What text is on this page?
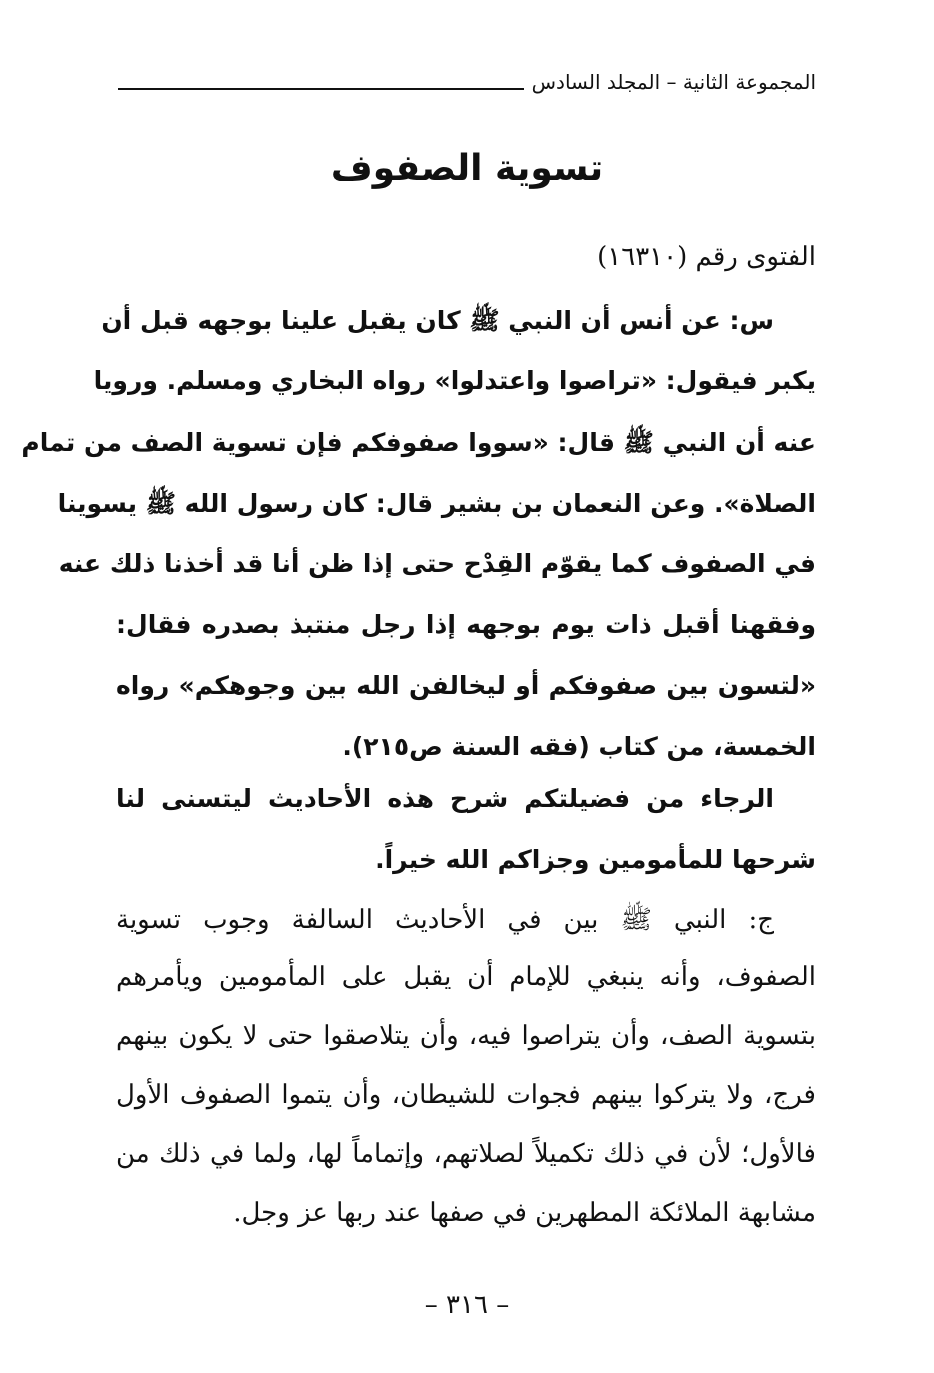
المجموعة الثانية – المجلد السادس
تسوية الصفوف
الفتوى رقم (١٦٣١٠)
س: عن أنس أن النبي ﷺ كان يقبل علينا بوجهه قبل أن
يكبر فيقول: «تراصوا واعتدلوا» رواه البخاري ومسلم. ورويا
عنه أن النبي ﷺ قال: «سووا صفوفكم فإن تسوية الصف من تمام
الصلاة». وعن النعمان بن بشير قال: كان رسول الله ﷺ يسوينا
في الصفوف كما يقوّم القِدْح حتى إذا ظن أنا قد أخذنا ذلك عنه
وفقهنا أقبل ذات يوم بوجهه إذا رجل منتبذ بصدره فقال:
«لتسون بين صفوفكم أو ليخالفن الله بين وجوهكم» رواه
الخمسة، من كتاب (فقه السنة ص٢١٥).
الرجاء من فضيلتكم شرح هذه الأحاديث ليتسنى لنا
شرحها للمأمومين وجزاكم الله خيراً.
ج: النبي ﷺ بين في الأحاديث السالفة وجوب تسوية
الصفوف، وأنه ينبغي للإمام أن يقبل على المأمومين ويأمرهم
بتسوية الصف، وأن يتراصوا فيه، وأن يتلاصقوا حتى لا يكون بينهم
فرج، ولا يتركوا بينهم فجوات للشيطان، وأن يتموا الصفوف الأول
فالأول؛ لأن في ذلك تكميلاً لصلاتهم، وإتماماً لها، ولما في ذلك من
مشابهة الملائكة المطهرين في صفها عند ربها عز وجل.
– ٣١٦ –
